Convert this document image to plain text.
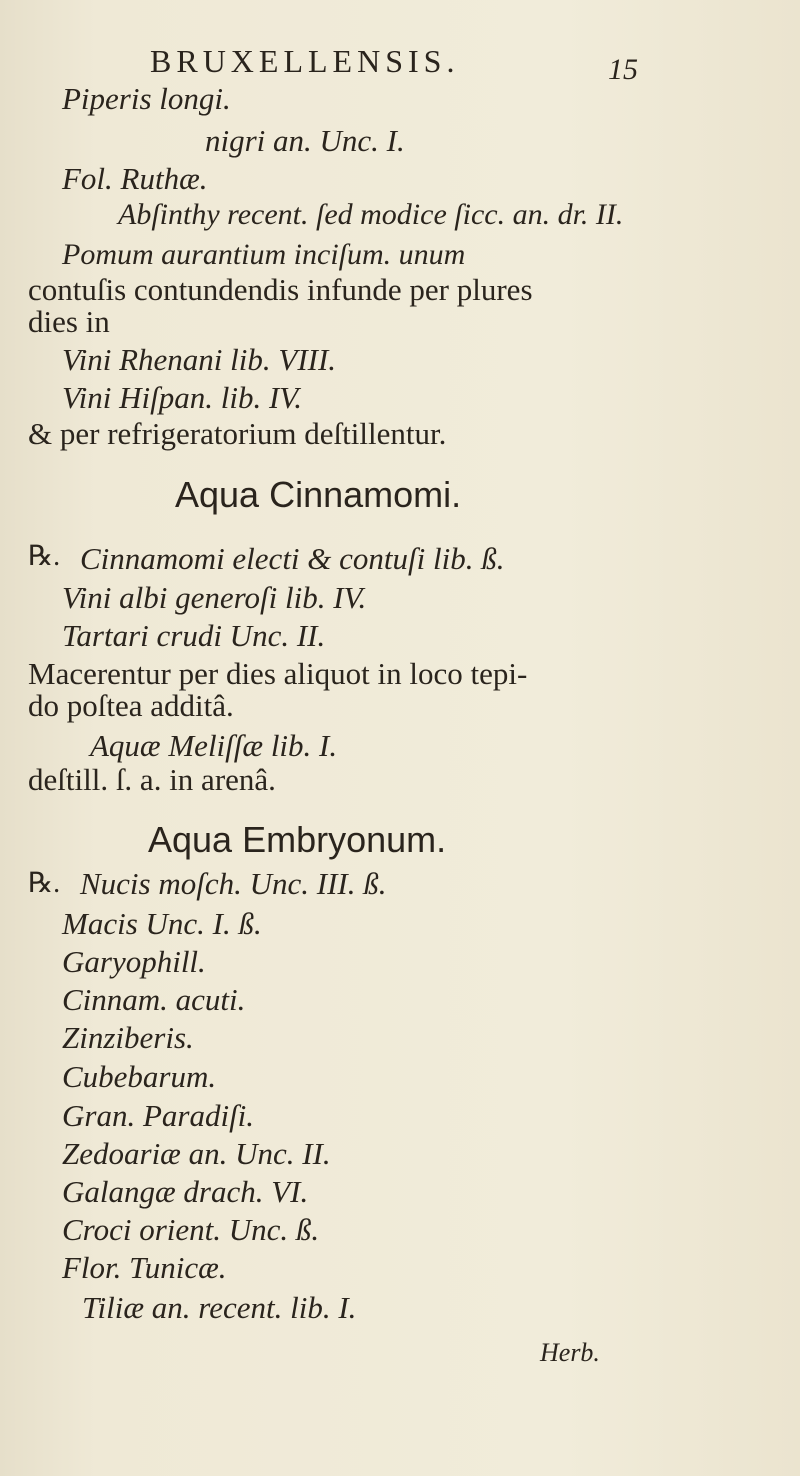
BRUXELLENSIS.	15
Piperis longi.
nigri an. Unc. I.
Fol. Ruthæ.
Abſinthy recent. ſed modice ſicc. an. dr. II.
Pomum aurantium inciſum. unum
contuſis contundendis infunde per plures
dies in
Vini Rhenani lib. VIII.
Vini Hiſpan. lib. IV.
& per refrigeratorium deſtillentur.
Aqua Cinnamomi.
℞. Cinnamomi electi & contuſi lib. ß.
Vini albi generoſi lib. IV.
Tartari crudi Unc. II.
Macerentur per dies aliquot in loco tepi-
do poſtea additâ.
Aquæ Meliſſæ lib. I.
deſtill. ſ. a. in arenâ.
Aqua Embryonum.
℞. Nucis moſch. Unc. III. ß.
Macis Unc. I. ß.
Garyophill.
Cinnam. acuti.
Zinziberis.
Cubebarum.
Gran. Paradiſi.
Zedoariæ an. Unc. II.
Galangæ drach. VI.
Croci orient. Unc. ß.
Flor. Tunicæ.
Tiliæ an. recent. lib. I.
Herb.
